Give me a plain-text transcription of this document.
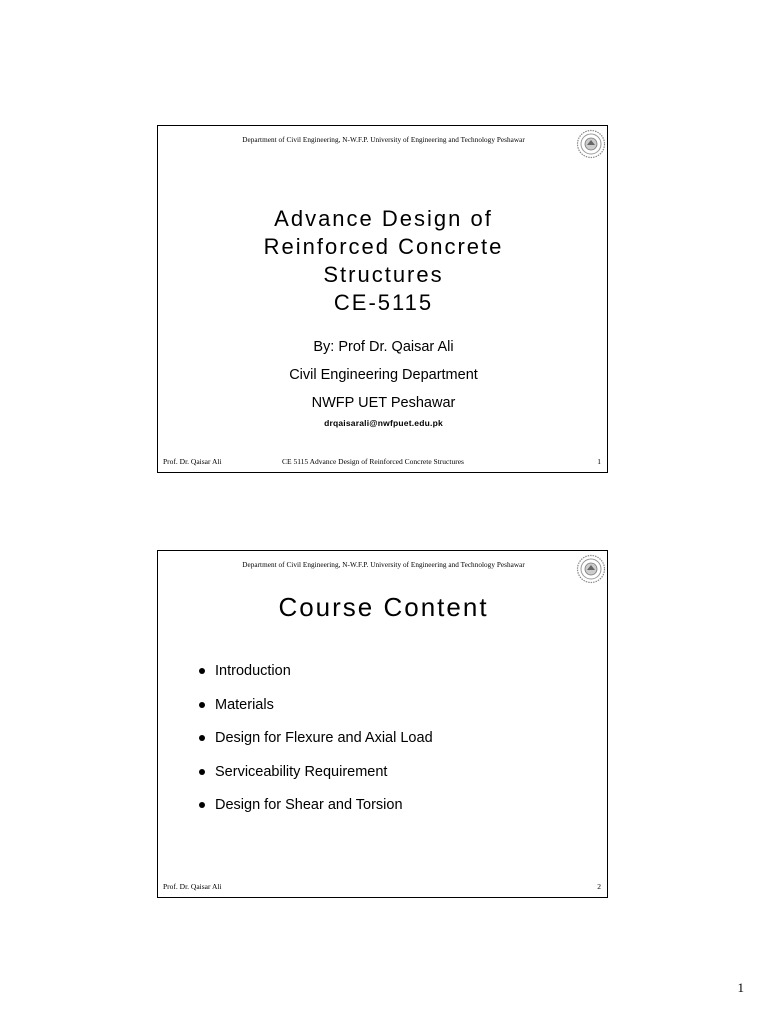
Department of Civil Engineering, N-W.F.P. University of Engineering and Technology Peshawar
Advance Design of
Reinforced Concrete
Structures
CE-5115
By: Prof Dr. Qaisar Ali
Civil Engineering Department
NWFP UET Peshawar
drqaisarali@nwfpuet.edu.pk
Prof. Dr. Qaisar Ali	CE 5115 Advance Design of Reinforced Concrete Structures	1
Department of Civil Engineering, N-W.F.P. University of Engineering and Technology Peshawar
Course Content
Introduction
Materials
Design for Flexure and Axial Load
Serviceability Requirement
Design for Shear and Torsion
Prof. Dr. Qaisar Ali	2
1
